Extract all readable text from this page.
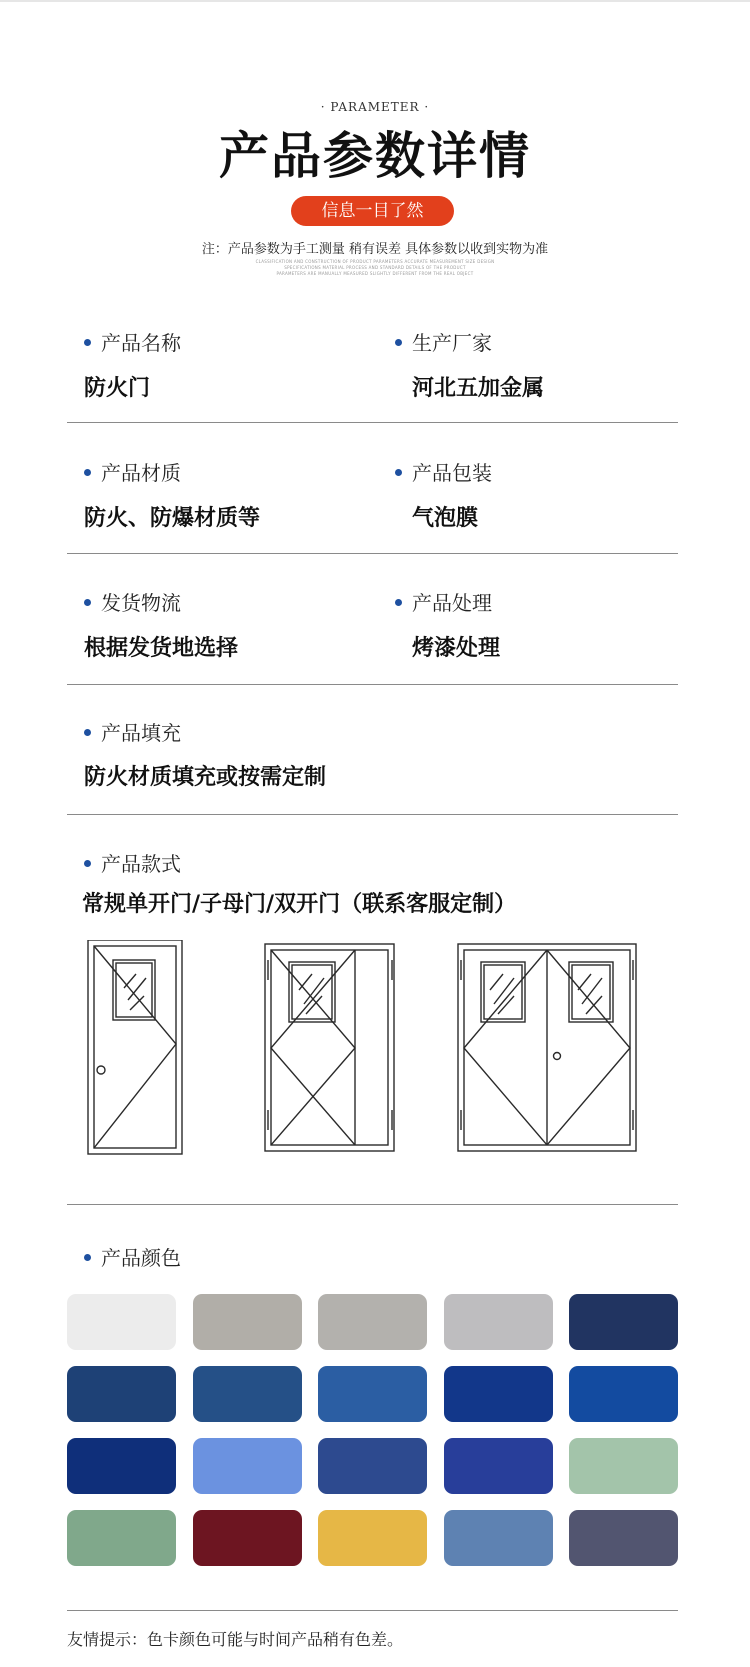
· PARAMETER ·
产品参数详情
信息一目了然
注：产品参数为手工测量 稍有误差 具体参数以收到实物为准
CLASSIFICATION AND CONSTRUCTION OF PRODUCT PARAMETERS ACCURATE MEASUREMENT SIZE DESIGN
SPECIFICATIONS MATERIAL PROCESS AND STANDARD DETAILS OF THE PRODUCT
PARAMETERS ARE MANUALLY MEASURED SLIGHTLY DIFFERENT FROM THE REAL OBJECT
产品名称
防火门
生产厂家
河北五加金属
产品材质
防火、防爆材质等
产品包装
气泡膜
发货物流
根据发货地选择
产品处理
烤漆处理
产品填充
防火材质填充或按需定制
产品款式
常规单开门/子母门/双开门（联系客服定制）
产品颜色
友情提示：色卡颜色可能与时间产品稍有色差。
